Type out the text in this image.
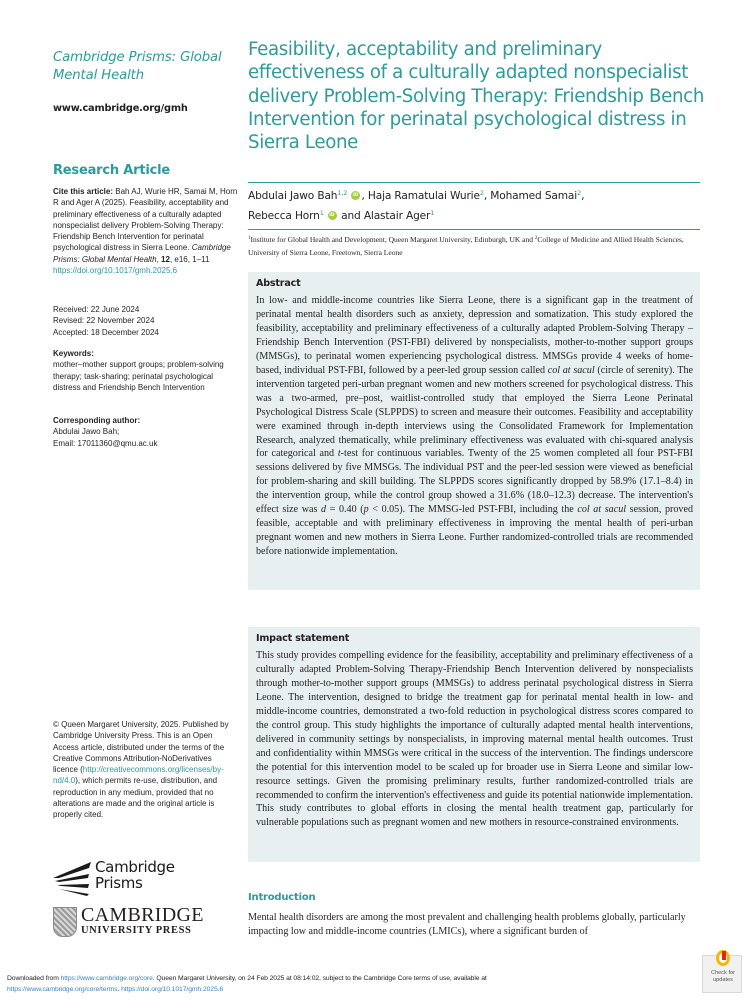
Cambridge Prisms: Global Mental Health
www.cambridge.org/gmh
Research Article
Cite this article: Bah AJ, Wurie HR, Samai M, Horn R and Ager A (2025). Feasibility, acceptability and preliminary effectiveness of a culturally adapted nonspecialist delivery Problem-Solving Therapy: Friendship Bench Intervention for perinatal psychological distress in Sierra Leone. Cambridge Prisms: Global Mental Health, 12, e16, 1–11
https://doi.org/10.1017/gmh.2025.6
Received: 22 June 2024
Revised: 22 November 2024
Accepted: 18 December 2024
Keywords:
mother–mother support groups; problem-solving therapy; task-sharing; perinatal psychological distress and Friendship Bench Intervention
Corresponding author:
Abdulai Jawo Bah;
Email: 17011360@qmu.ac.uk
© Queen Margaret University, 2025. Published by Cambridge University Press. This is an Open Access article, distributed under the terms of the Creative Commons Attribution-NoDerivatives licence (http://creativecommons.org/licenses/by-nd/4.0), which permits re-use, distribution, and reproduction in any medium, provided that no alterations are made and the original article is properly cited.
Cambridge
Prisms
CAMBRIDGE
UNIVERSITY PRESS
Feasibility, acceptability and preliminary effectiveness of a culturally adapted nonspecialist delivery Problem-Solving Therapy: Friendship Bench Intervention for perinatal psychological distress in Sierra Leone
Abdulai Jawo Bah$^{1,2}$ iD , Haja Ramatulai Wurie$^2$, Mohamed Samai$^2$,
Rebecca Horn$^1$ iD and Alastair Ager$^1$
$^1$Institute for Global Health and Development, Queen Margaret University, Edinburgh, UK and $^2$College of Medicine and Allied Health Sciences, University of Sierra Leone, Freetown, Sierra Leone
Abstract
In low- and middle-income countries like Sierra Leone, there is a significant gap in the treatment of perinatal mental health disorders such as anxiety, depression and somatization. This study explored the feasibility, acceptability and preliminary effectiveness of a culturally adapted Problem-Solving Therapy – Friendship Bench Intervention (PST-FBI) delivered by nonspecialists, mother-to-mother support groups (MMSGs), to perinatal women experiencing psychological distress. MMSGs provide 4 weeks of home-based, individual PST-FBI, followed by a peer-led group session called col at sacul (circle of serenity). The intervention targeted peri-urban pregnant women and new mothers screened for psychological distress. This was a two-armed, pre–post, waitlist-controlled study that employed the Sierra Leone Perinatal Psychological Distress Scale (SLPPDS) to screen and measure their outcomes. Feasibility and acceptability were examined through in-depth interviews using the Consolidated Framework for Implementation Research, analyzed thematically, while preliminary effectiveness was evaluated with chi-squared analysis for categorical and t-test for continuous variables. Twenty of the 25 women completed all four PST-FBI sessions delivered by five MMSGs. The individual PST and the peer-led session were viewed as beneficial for problem-sharing and skill building. The SLPPDS scores significantly dropped by 58.9% (17.1–8.4) in the intervention group, while the control group showed a 31.6% (18.0–12.3) decrease. The intervention's effect size was d = 0.40 (p < 0.05). The MMSG-led PST-FBI, including the col at sacul session, proved feasible, acceptable and with preliminary effectiveness in improving the mental health of peri-urban pregnant women and new mothers in Sierra Leone. Further randomized-controlled trials are recommended before nationwide implementation.
Impact statement
This study provides compelling evidence for the feasibility, acceptability and preliminary effectiveness of a culturally adapted Problem-Solving Therapy-Friendship Bench Intervention delivered by nonspecialists through mother-to-mother support groups (MMSGs) to address perinatal psychological distress in Sierra Leone. The intervention, designed to bridge the treatment gap for perinatal mental health in low- and middle-income countries, demonstrated a two-fold reduction in psychological distress scores compared to the control group. This study highlights the importance of culturally adapted mental health interventions, delivered in community settings by nonspecialists, in improving maternal mental health outcomes. Trust and confidentiality within MMSGs were critical in the success of the intervention. The findings underscore the potential for this intervention model to be scaled up for broader use in Sierra Leone and similar low-resource settings. Given the promising preliminary results, further randomized-controlled trials are recommended to confirm the intervention's effectiveness and guide its potential nationwide implementation. This study contributes to global efforts in closing the mental health treatment gap, particularly for vulnerable populations such as pregnant women and new mothers in resource-constrained environments.
Introduction
Mental health disorders are among the most prevalent and challenging health problems globally, particularly impacting low and middle-income countries (LMICs), where a significant burden of
Downloaded from https://www.cambridge.org/core. Queen Margaret University, on 24 Feb 2025 at 08:14:02, subject to the Cambridge Core terms of use, available at
https://www.cambridge.org/core/terms. https://doi.org/10.1017/gmh.2025.6
Check for updates
